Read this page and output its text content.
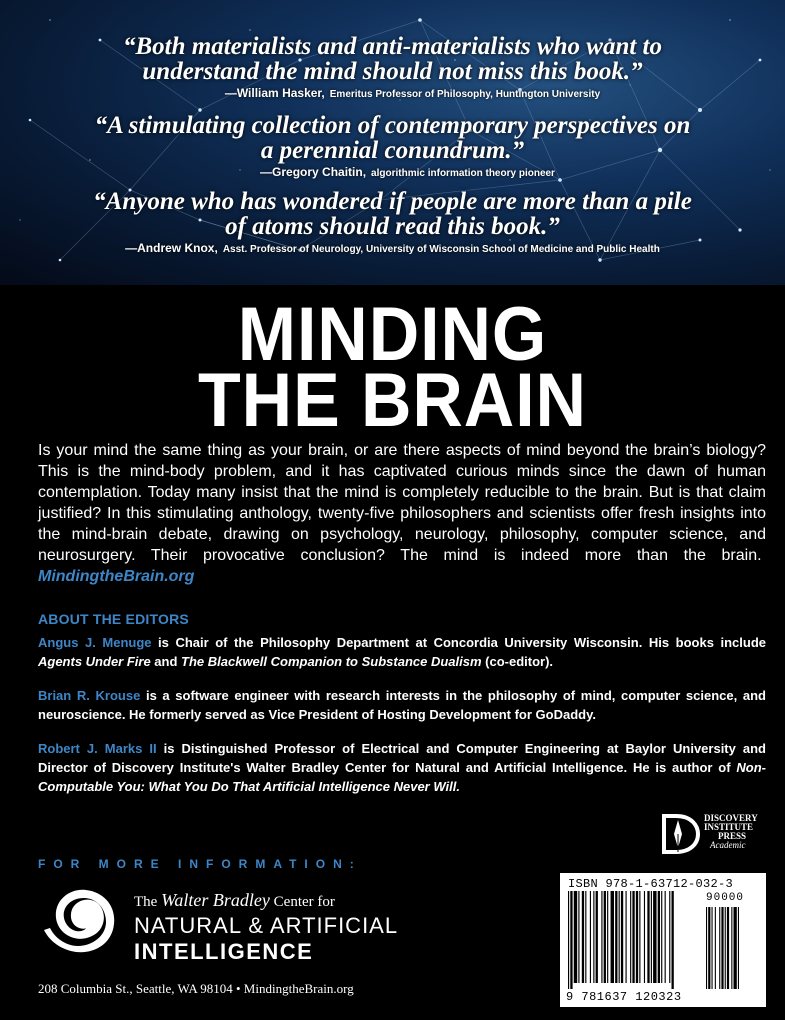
“Both materialists and anti-materialists who want to
understand the mind should not miss this book.”
—William Hasker, Emeritus Professor of Philosophy, Huntington University
“A stimulating collection of contemporary perspectives on
a perennial conundrum.”
—Gregory Chaitin, algorithmic information theory pioneer
“Anyone who has wondered if people are more than a pile
of atoms should read this book.”
—Andrew Knox, Asst. Professor of Neurology, University of Wisconsin School of Medicine and Public Health
MINDING
THE BRAIN
Is your mind the same thing as your brain, or are there aspects of mind beyond the brain’s biology? This is the mind-body problem, and it has captivated curious minds since the dawn of human contemplation. Today many insist that the mind is completely reducible to the brain. But is that claim justified? In this stimulating anthology, twenty-five philosophers and scientists offer fresh insights into the mind-brain debate, drawing on psychology, neurology, philosophy, computer science, and neurosurgery. Their provocative conclusion? The mind is indeed more than the brain.  MindingtheBrain.org
ABOUT THE EDITORS
Angus J. Menuge is Chair of the Philosophy Department at Concordia University Wisconsin. His books include Agents Under Fire and The Blackwell Companion to Substance Dualism (co-editor).
Brian R. Krouse is a software engineer with research interests in the philosophy of mind, computer science, and neuroscience. He formerly served as Vice President of Hosting Development for GoDaddy.
Robert J. Marks II is Distinguished Professor of Electrical and Computer Engineering at Baylor University and Director of Discovery Institute's Walter Bradley Center for Natural and Artificial Intelligence. He is author of Non-Computable You: What You Do That Artificial Intelligence Never Will.
DISCOVERY
INSTITUTE
PRESS
Academic
FOR MORE INFORMATION:
The Walter Bradley Center for
NATURAL & ARTIFICIAL
INTELLIGENCE
208 Columbia St., Seattle, WA 98104 • MindingtheBrain.org
ISBN 978-1-63712-032-3
90000
9 781637 120323
